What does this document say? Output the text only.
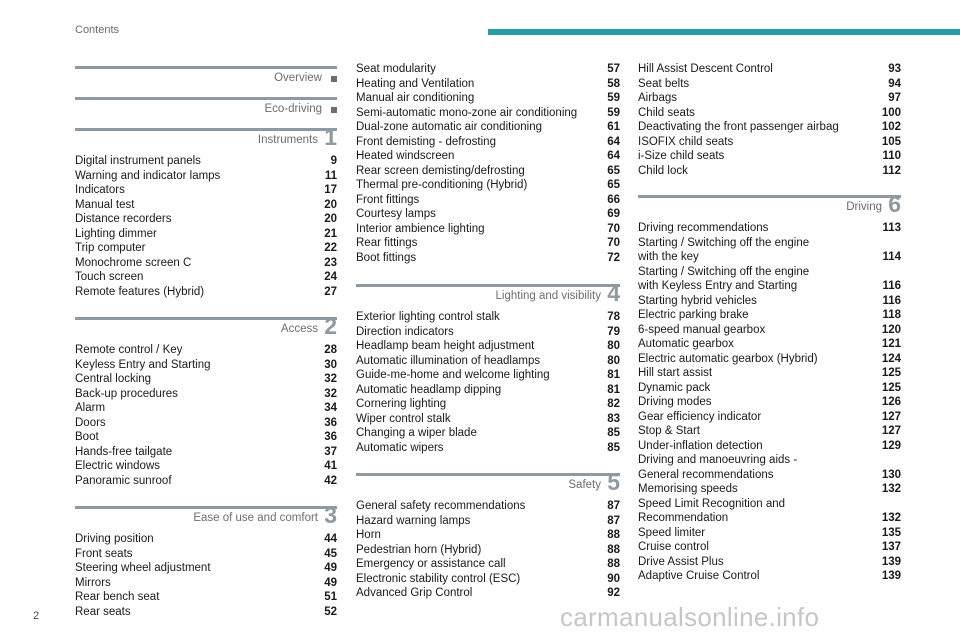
Contents
Overview
Eco-driving
Instruments 1
Digital instrument panels	9
Warning and indicator lamps	11
Indicators	17
Manual test	20
Distance recorders	20
Lighting dimmer	21
Trip computer	22
Monochrome screen C	23
Touch screen	24
Remote features (Hybrid)	27
Access 2
Remote control / Key	28
Keyless Entry and Starting	30
Central locking	32
Back-up procedures	32
Alarm	34
Doors	36
Boot	36
Hands-free tailgate	37
Electric windows	41
Panoramic sunroof	42
Ease of use and comfort 3
Driving position	44
Front seats	45
Steering wheel adjustment	49
Mirrors	49
Rear bench seat	51
Rear seats	52
Seat modularity	57
Heating and Ventilation	58
Manual air conditioning	59
Semi-automatic mono-zone air conditioning	59
Dual-zone automatic air conditioning	61
Front demisting - defrosting	64
Heated windscreen	64
Rear screen demisting/defrosting	65
Thermal pre-conditioning (Hybrid)	65
Front fittings	66
Courtesy lamps	69
Interior ambience lighting	70
Rear fittings	70
Boot fittings	72
Lighting and visibility 4
Exterior lighting control stalk	78
Direction indicators	79
Headlamp beam height adjustment	80
Automatic illumination of headlamps	80
Guide-me-home and welcome lighting	81
Automatic headlamp dipping	81
Cornering lighting	82
Wiper control stalk	83
Changing a wiper blade	85
Automatic wipers	85
Safety 5
General safety recommendations	87
Hazard warning lamps	87
Horn	88
Pedestrian horn (Hybrid)	88
Emergency or assistance call	88
Electronic stability control (ESC)	90
Advanced Grip Control	92
Hill Assist Descent Control	93
Seat belts	94
Airbags	97
Child seats	100
Deactivating the front passenger airbag	102
ISOFIX child seats	105
i-Size child seats	110
Child lock	112
Driving 6
Driving recommendations	113
Starting / Switching off the engine
with the key	114
Starting / Switching off the engine
with Keyless Entry and Starting	116
Starting hybrid vehicles	116
Electric parking brake	118
6-speed manual gearbox	120
Automatic gearbox	121
Electric automatic gearbox (Hybrid)	124
Hill start assist	125
Dynamic pack	125
Driving modes	126
Gear efficiency indicator	127
Stop & Start	127
Under-inflation detection	129
Driving and manoeuvring aids -
General recommendations	130
Memorising speeds	132
Speed Limit Recognition and
Recommendation	132
Speed limiter	135
Cruise control	137
Drive Assist Plus	139
Adaptive Cruise Control	139
2	carmanualsonline.info
